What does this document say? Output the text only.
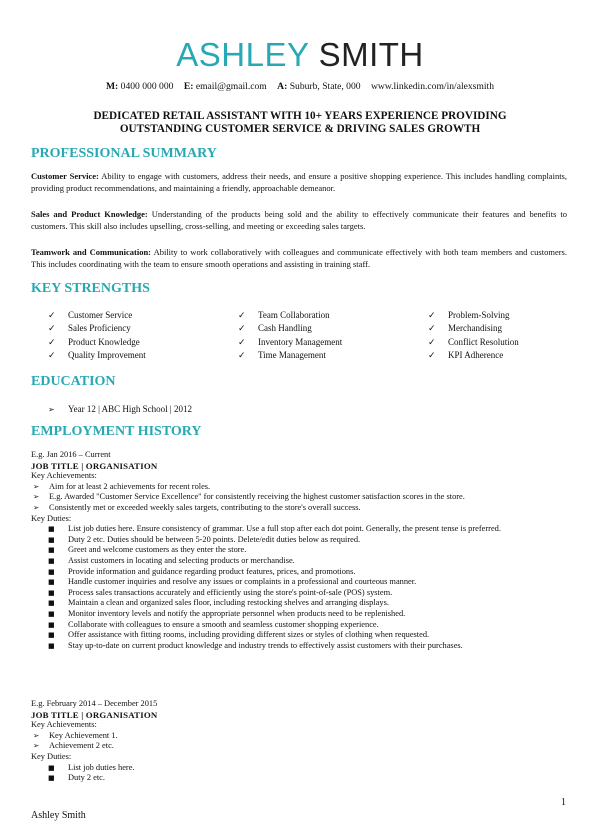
ASHLEY SMITH
M: 0400 000 000 E: email@gmail.com A: Suburb, State, 000 www.linkedin.com/in/alexsmith
DEDICATED RETAIL ASSISTANT WITH 10+ YEARS EXPERIENCE PROVIDING
OUTSTANDING CUSTOMER SERVICE & DRIVING SALES GROWTH
PROFESSIONAL SUMMARY
Customer Service: Ability to engage with customers, address their needs, and ensure a positive shopping experience. This includes handling complaints, providing product recommendations, and maintaining a friendly, approachable demeanor.
Sales and Product Knowledge: Understanding of the products being sold and the ability to effectively communicate their features and benefits to customers. This skill also includes upselling, cross-selling, and meeting or exceeding sales targets.
Teamwork and Communication: Ability to work collaboratively with colleagues and communicate effectively with both team members and customers. This includes coordinating with the team to ensure smooth operations and assisting in training staff.
KEY STRENGTHS
✓ Customer Service	✓ Team Collaboration	✓ Problem-Solving
✓ Sales Proficiency	✓ Cash Handling	✓ Merchandising
✓ Product Knowledge	✓ Inventory Management	✓ Conflict Resolution
✓ Quality Improvement	✓ Time Management	✓ KPI Adherence
EDUCATION
➢ Year 12 | ABC High School | 2012
EMPLOYMENT HISTORY
E.g. Jan 2016 – Current
JOB TITLE | ORGANISATION
Key Achievements:
➢ Aim for at least 2 achievements for recent roles.
➢ E.g. Awarded "Customer Service Excellence" for consistently receiving the highest customer satisfaction scores in the store.
➢ Consistently met or exceeded weekly sales targets, contributing to the store's overall success.
Key Duties:
■ List job duties here. Ensure consistency of grammar. Use a full stop after each dot point. Generally, the present tense is preferred.
■ Duty 2 etc. Duties should be between 5-20 points. Delete/edit duties below as required.
■ Greet and welcome customers as they enter the store.
■ Assist customers in locating and selecting products or merchandise.
■ Provide information and guidance regarding product features, prices, and promotions.
■ Handle customer inquiries and resolve any issues or complaints in a professional and courteous manner.
■ Process sales transactions accurately and efficiently using the store's point-of-sale (POS) system.
■ Maintain a clean and organized sales floor, including restocking shelves and arranging displays.
■ Monitor inventory levels and notify the appropriate personnel when products need to be replenished.
■ Collaborate with colleagues to ensure a smooth and seamless customer shopping experience.
■ Offer assistance with fitting rooms, including providing different sizes or styles of clothing when requested.
■ Stay up-to-date on current product knowledge and industry trends to effectively assist customers with their purchases.
E.g. February 2014 – December 2015
JOB TITLE | ORGANISATION
Key Achievements:
➢ Key Achievement 1.
➢ Achievement 2 etc.
Key Duties:
■ List job duties here.
■ Duty 2 etc.
1
Ashley Smith
